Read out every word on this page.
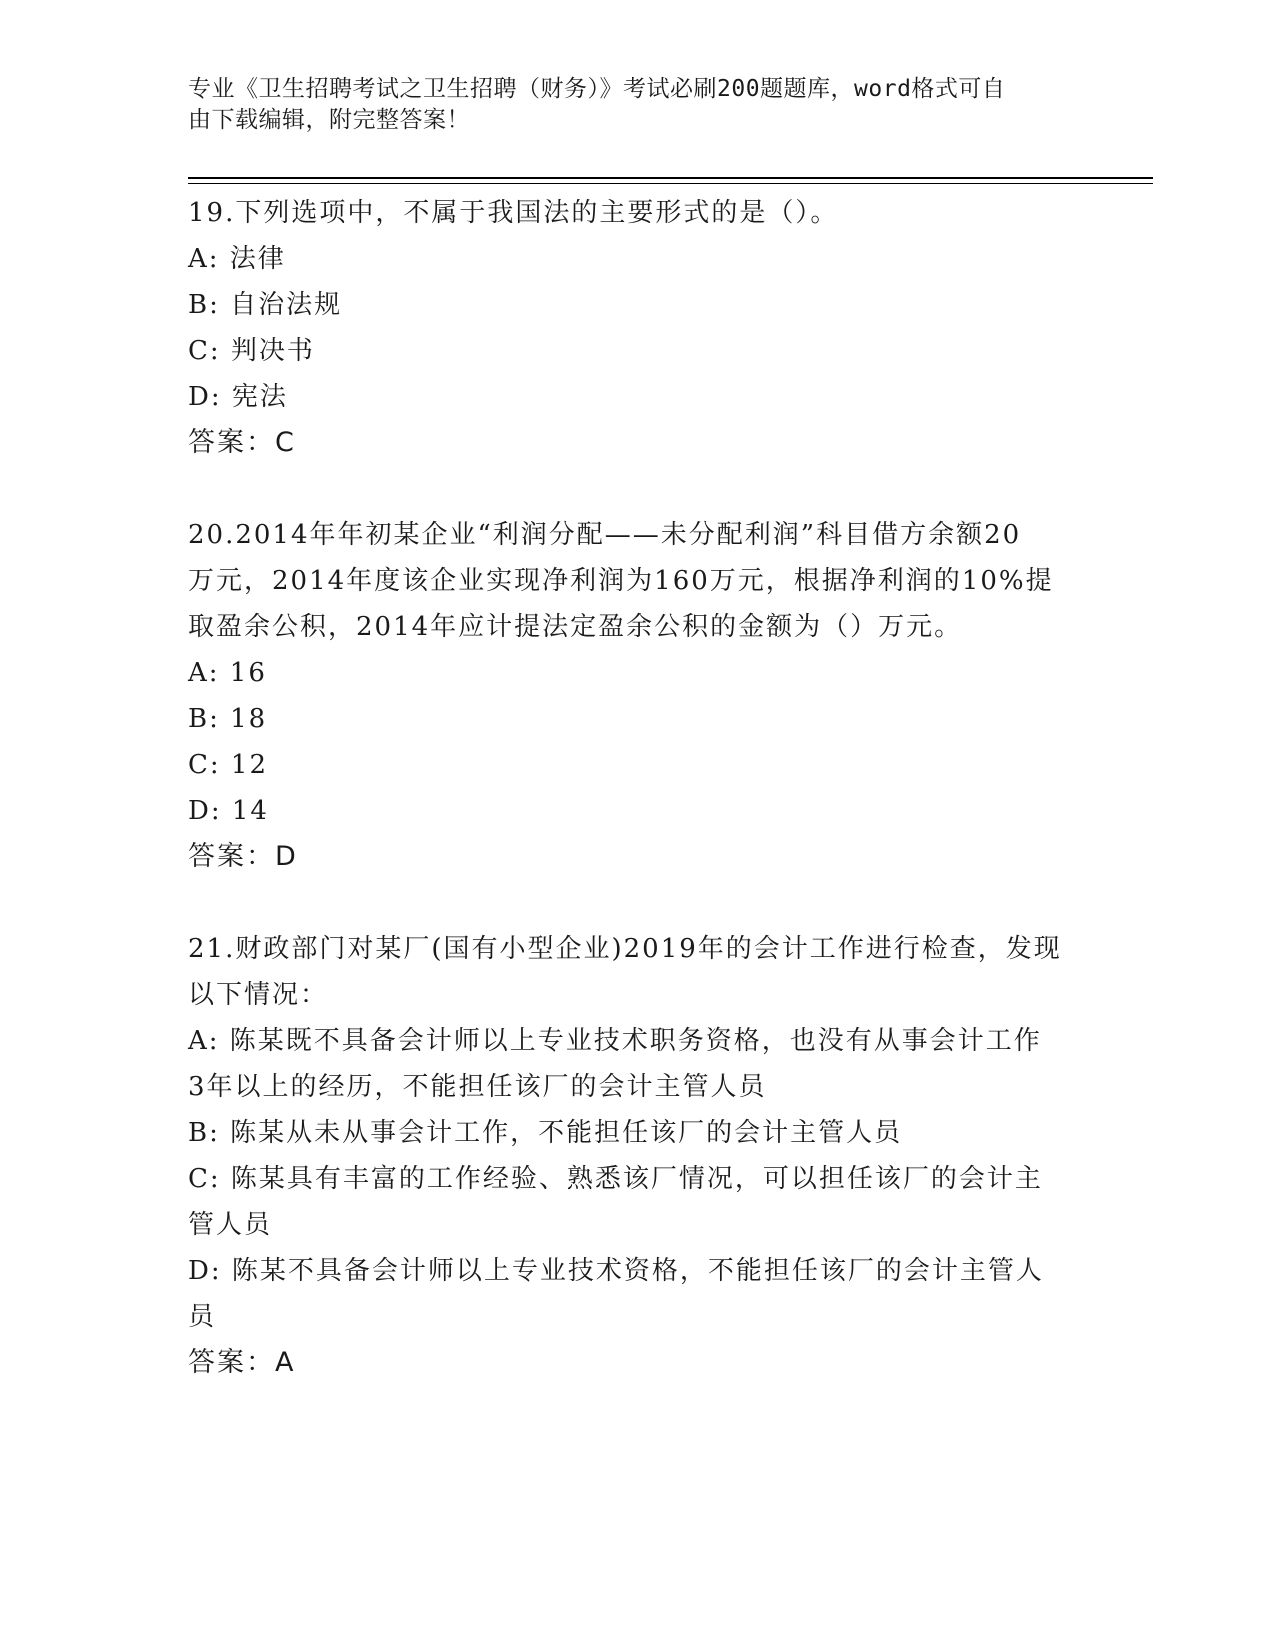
专业《卫生招聘考试之卫生招聘（财务）》考试必刷200题题库，word格式可自
由下载编辑，附完整答案！
19.下列选项中，不属于我国法的主要形式的是（）。
A: 法律
B: 自治法规
C: 判决书
D: 宪法
答案：C
20.2014年年初某企业“利润分配——未分配利润”科目借方余额20
万元，2014年度该企业实现净利润为160万元，根据净利润的10%提
取盈余公积，2014年应计提法定盈余公积的金额为（）万元。
A: 16
B: 18
C: 12
D: 14
答案：D
21.财政部门对某厂(国有小型企业)2019年的会计工作进行检查，发现
以下情况：
A: 陈某既不具备会计师以上专业技术职务资格，也没有从事会计工作
3年以上的经历，不能担任该厂的会计主管人员
B: 陈某从未从事会计工作，不能担任该厂的会计主管人员
C: 陈某具有丰富的工作经验、熟悉该厂情况，可以担任该厂的会计主
管人员
D: 陈某不具备会计师以上专业技术资格，不能担任该厂的会计主管人
员
答案：A
